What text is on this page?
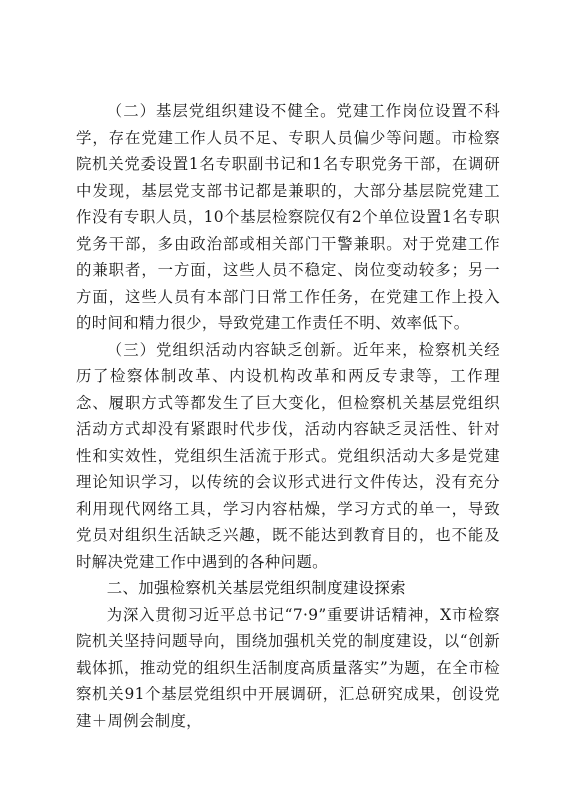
（二）基层党组织建设不健全。党建工作岗位设置不科学，存在党建工作人员不足、专职人员偏少等问题。市检察院机关党委设置1名专职副书记和1名专职党务干部，在调研中发现，基层党支部书记都是兼职的，大部分基层院党建工作没有专职人员，10个基层检察院仅有2个单位设置1名专职党务干部，多由政治部或相关部门干警兼职。对于党建工作的兼职者，一方面，这些人员不稳定、岗位变动较多；另一方面，这些人员有本部门日常工作任务，在党建工作上投入的时间和精力很少，导致党建工作责任不明、效率低下。

（三）党组织活动内容缺乏创新。近年来，检察机关经历了检察体制改革、内设机构改革和两反专隶等，工作理念、履职方式等都发生了巨大变化，但检察机关基层党组织活动方式却没有紧跟时代步伐，活动内容缺乏灵活性、针对性和实效性，党组织生活流于形式。党组织活动大多是党建理论知识学习，以传统的会议形式进行文件传达，没有充分利用现代网络工具，学习内容枯燥，学习方式的单一，导致党员对组织生活缺乏兴趣，既不能达到教育目的，也不能及时解决党建工作中遇到的各种问题。

二、加强检察机关基层党组织制度建设探索

为深入贯彻习近平总书记“7·9”重要讲话精神，X市检察院机关坚持问题导向，围绕加强机关党的制度建设，以“创新载体抓，推动党的组织生活制度高质量落实”为题，在全市检察机关91个基层党组织中开展调研，汇总研究成果，创设党建＋周例会制度，
